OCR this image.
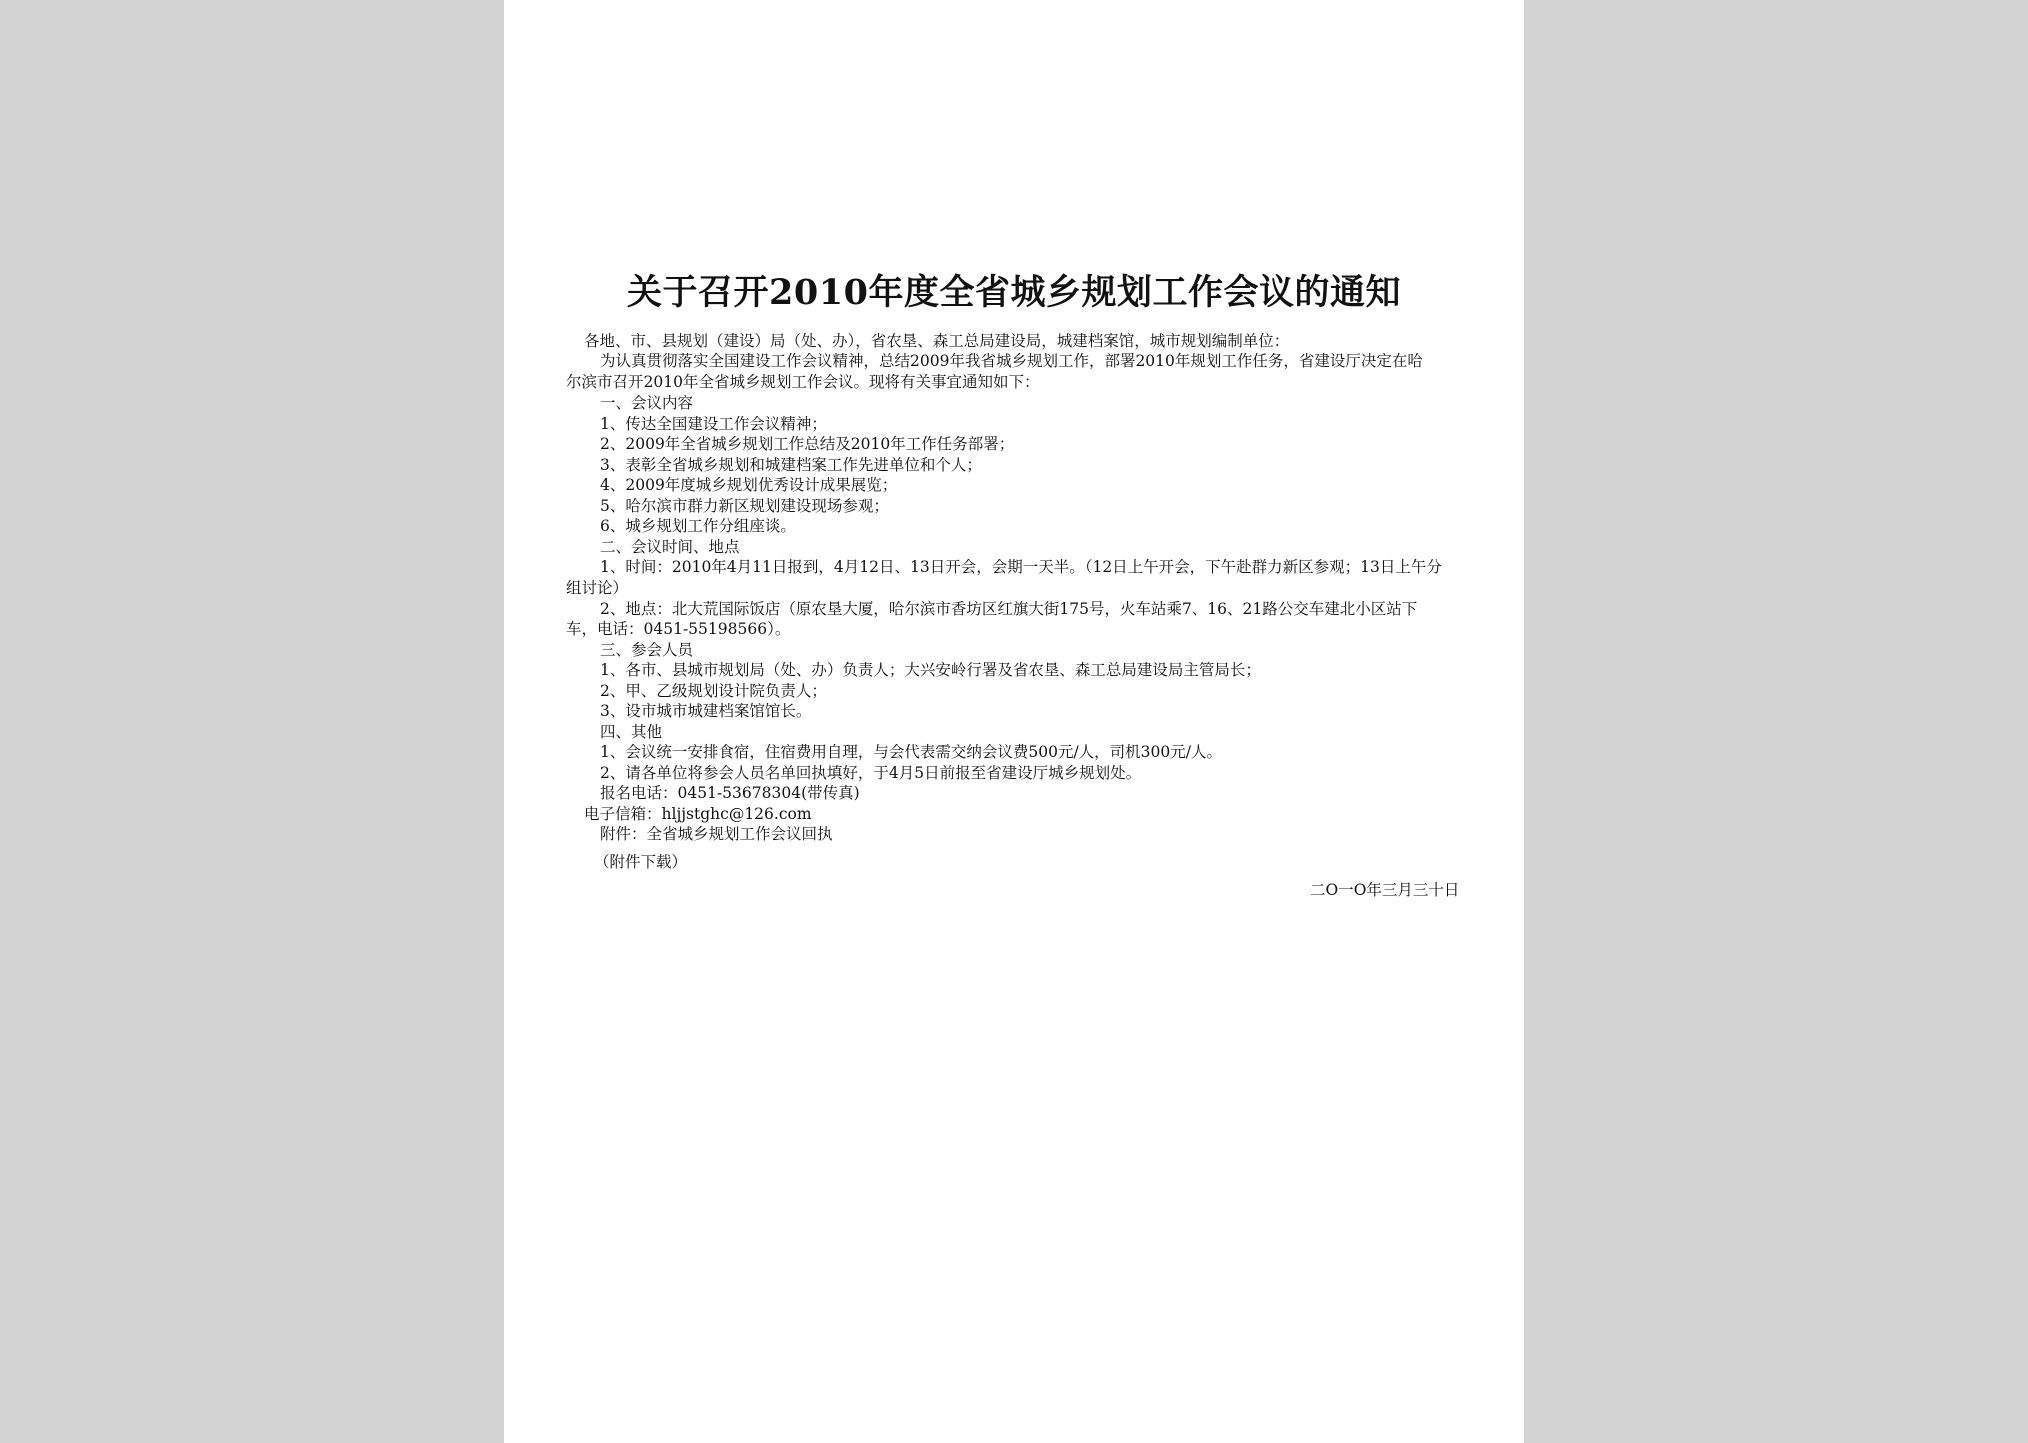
关于召开2010年度全省城乡规划工作会议的通知
各地、市、县规划（建设）局（处、办），省农垦、森工总局建设局，城建档案馆，城市规划编制单位：
为认真贯彻落实全国建设工作会议精神，总结2009年我省城乡规划工作，部署2010年规划工作任务，省建设厅决定在哈
尔滨市召开2010年全省城乡规划工作会议。现将有关事宜通知如下：
一、会议内容
1、传达全国建设工作会议精神；
2、2009年全省城乡规划工作总结及2010年工作任务部署；
3、表彰全省城乡规划和城建档案工作先进单位和个人；
4、2009年度城乡规划优秀设计成果展览；
5、哈尔滨市群力新区规划建设现场参观；
6、城乡规划工作分组座谈。
二、会议时间、地点
1、时间：2010年4月11日报到，4月12日、13日开会，会期一天半。（12日上午开会，下午赴群力新区参观；13日上午分
组讨论）
2、地点：北大荒国际饭店（原农垦大厦，哈尔滨市香坊区红旗大街175号，火车站乘7、16、21路公交车建北小区站下
车，电话：0451-55198566）。
三、参会人员
1、各市、县城市规划局（处、办）负责人；大兴安岭行署及省农垦、森工总局建设局主管局长；
2、甲、乙级规划设计院负责人；
3、设市城市城建档案馆馆长。
四、其他
1、会议统一安排食宿，住宿费用自理，与会代表需交纳会议费500元/人，司机300元/人。
2、请各单位将参会人员名单回执填好，于4月5日前报至省建设厅城乡规划处。
报名电话：0451-53678304(带传真)
电子信箱：hljjstghc@126.com
附件：全省城乡规划工作会议回执
（附件下载）
二O一O年三月三十日
